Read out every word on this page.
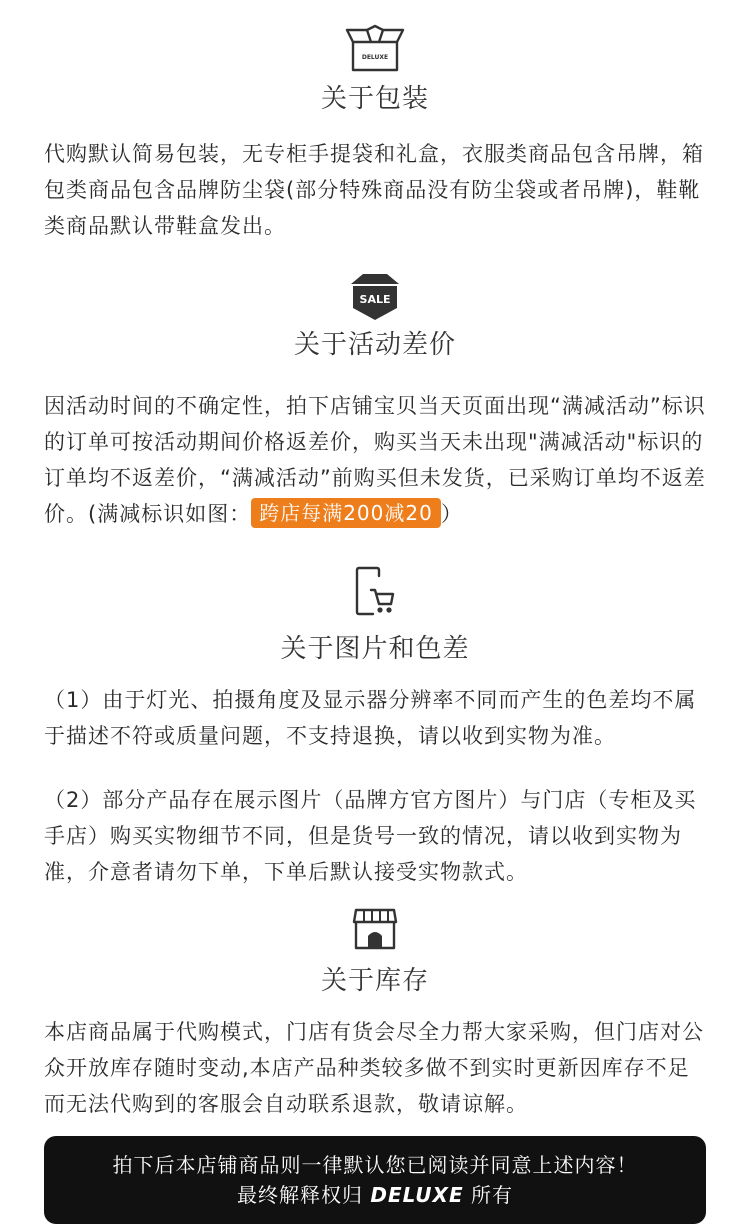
DELUXE
关于包装

代购默认简易包装，无专柜手提袋和礼盒，衣服类商品包含吊牌，箱包类商品包含品牌防尘袋(部分特殊商品没有防尘袋或者吊牌)，鞋靴类商品默认带鞋盒发出。

SALE
关于活动差价

因活动时间的不确定性，拍下店铺宝贝当天页面出现“满减活动”标识的订单可按活动期间价格返差价，购买当天未出现"满减活动"标识的订单均不返差价，“满减活动”前购买但未发货，已采购订单均不返差价。(满减标识如图： 跨店每满200减20 ）

关于图片和色差

（1）由于灯光、拍摄角度及显示器分辨率不同而产生的色差均不属于描述不符或质量问题，不支持退换，请以收到实物为准。

（2）部分产品存在展示图片（品牌方官方图片）与门店（专柜及买手店）购买实物细节不同，但是货号一致的情况，请以收到实物为准，介意者请勿下单，下单后默认接受实物款式。

关于库存

本店商品属于代购模式，门店有货会尽全力帮大家采购，但门店对公众开放库存随时变动,本店产品种类较多做不到实时更新因库存不足而无法代购到的客服会自动联系退款，敬请谅解。

拍下后本店铺商品则一律默认您已阅读并同意上述内容！
最终解释权归 DELUXE 所有
